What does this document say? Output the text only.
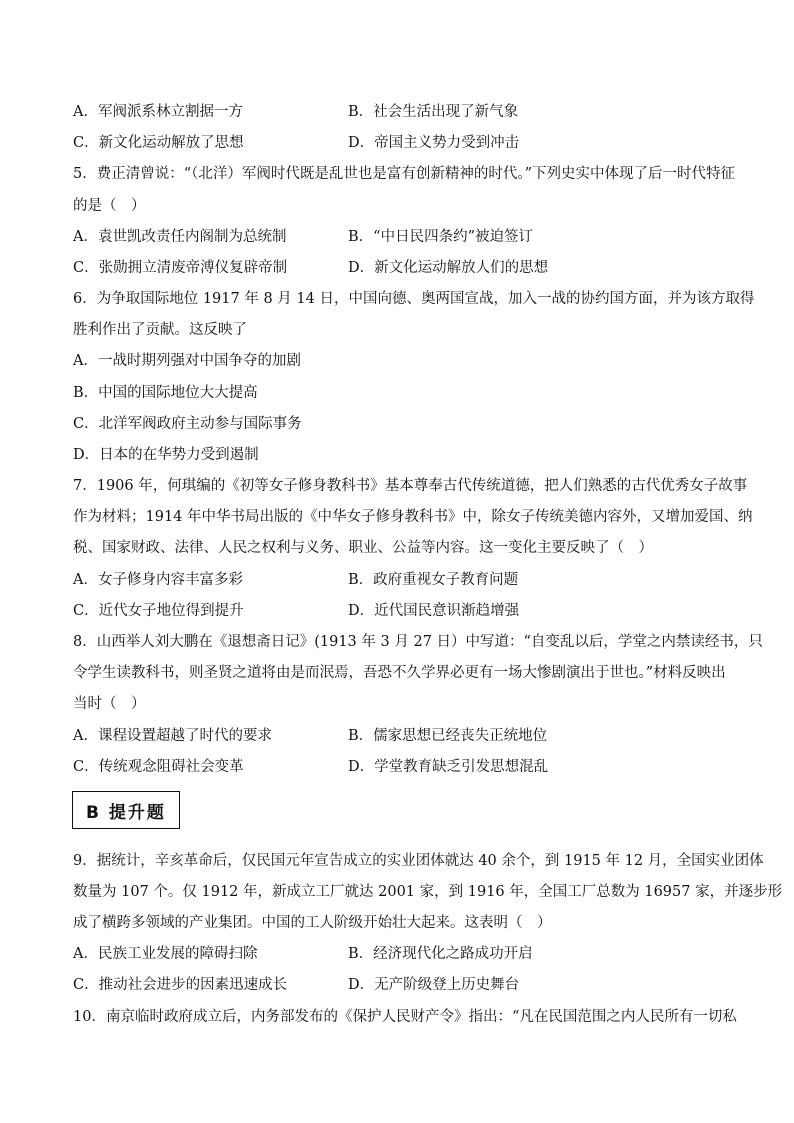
A．军阀派系林立割据一方	B．社会生活出现了新气象
C．新文化运动解放了思想	D．帝国主义势力受到冲击
5．费正清曾说：“（北洋）军阀时代既是乱世也是富有创新精神的时代。”下列史实中体现了后一时代特征
的是（　）
A．袁世凯改责任内阁制为总统制	B．“中日民四条约”被迫签订
C．张勋拥立清废帝溥仪复辟帝制	D．新文化运动解放人们的思想
6．为争取国际地位 1917 年 8 月 14 日，中国向德、奥两国宣战，加入一战的协约国方面，并为该方取得
胜利作出了贡献。这反映了
A．一战时期列强对中国争夺的加剧
B．中国的国际地位大大提高
C．北洋军阀政府主动参与国际事务
D．日本的在华势力受到遏制
7．1906 年，何琪编的《初等女子修身教科书》基本尊奉古代传统道德，把人们熟悉的古代优秀女子故事
作为材料；1914 年中华书局出版的《中华女子修身教科书》中，除女子传统美德内容外，又增加爱国、纳
税、国家财政、法律、人民之权利与义务、职业、公益等内容。这一变化主要反映了（　）
A．女子修身内容丰富多彩	B．政府重视女子教育问题
C．近代女子地位得到提升	D．近代国民意识渐趋增强
8．山西举人刘大鹏在《退想斋日记》(1913 年 3 月 27 日）中写道：“自变乱以后，学堂之内禁读经书，只
令学生读教科书，则圣贤之道将由是而泯焉，吾恐不久学界必更有一场大惨剧演出于世也。”材料反映出
当时（　）
A．课程设置超越了时代的要求	B．儒家思想已经丧失正统地位
C．传统观念阻碍社会变革	D．学堂教育缺乏引发思想混乱
B 提升题
9．据统计，辛亥革命后，仅民国元年宣告成立的实业团体就达 40 余个，到 1915 年 12 月，全国实业团体
数量为 107 个。仅 1912 年，新成立工厂就达 2001 家，到 1916 年，全国工厂总数为 16957 家，并逐步形
成了横跨多领域的产业集团。中国的工人阶级开始壮大起来。这表明（　）
A．民族工业发展的障碍扫除	B．经济现代化之路成功开启
C．推动社会进步的因素迅速成长	D．无产阶级登上历史舞台
10．南京临时政府成立后，内务部发布的《保护人民财产令》指出：“凡在民国范围之内人民所有一切私
